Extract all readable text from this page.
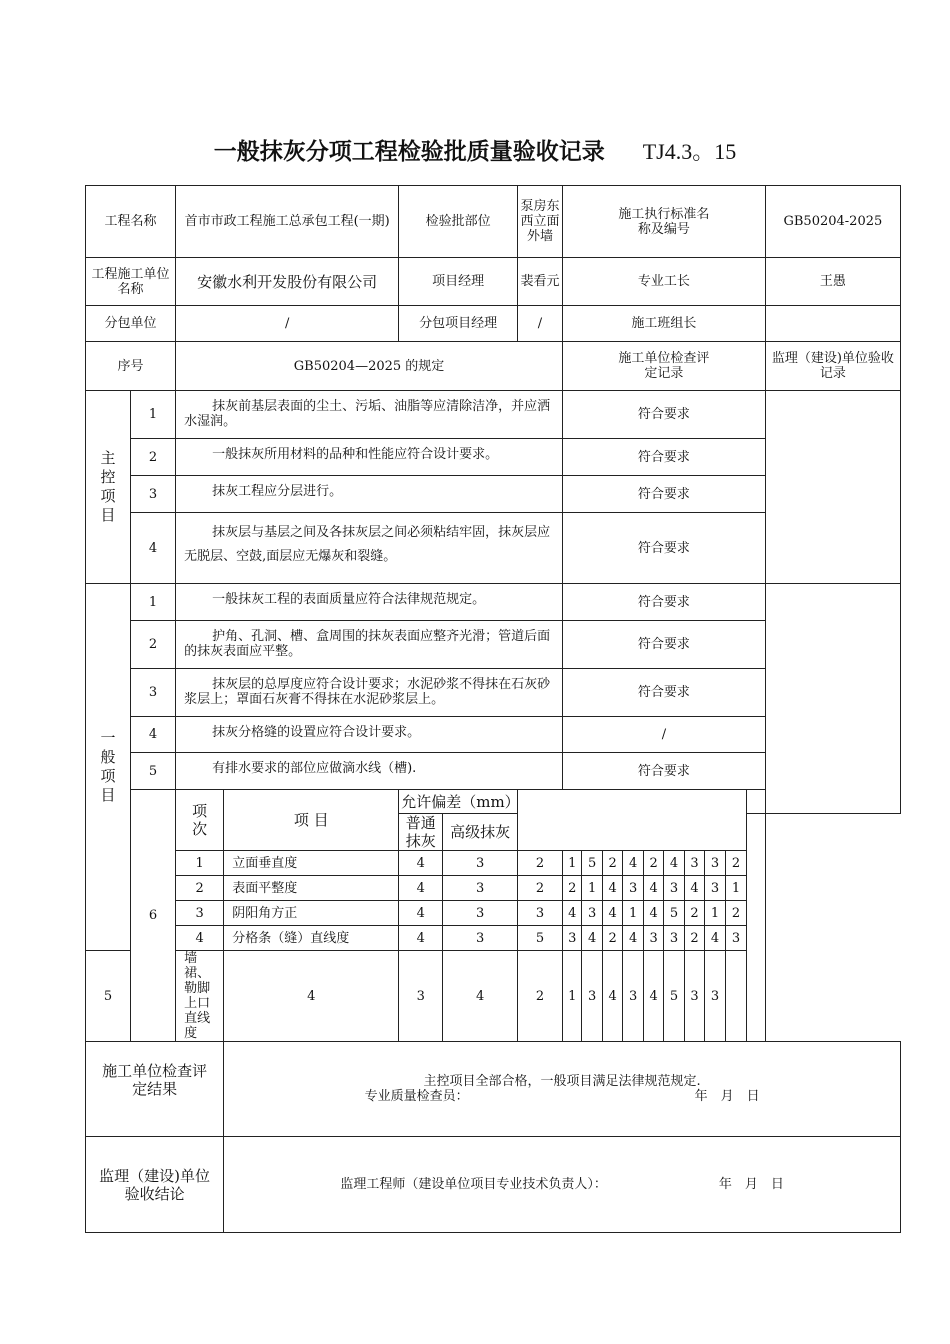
一般抹灰分项工程检验批质量验收记录 TJ4.3。15
工程名称		首市市政工程施工总承包工程(一期)		检验批部位		泵房东西立面外墙	施工执行标准名称及编号										GB50204-2025
工程施工单位名称		安徽水利开发股份有限公司		项目经理		裴看元	专业工长										王愚
分包单位		/		分包项目经理		/	施工班组长										
序号		GB50204—2025 的规定					施工单位检查评定记录										监理（建设)单位验收记录
主控项目	1	抹灰前基层表面的尘土、污垢、油脂等应清除洁净，并应洒水湿润。					符合要求										
	2	一般抹灰所用材料的品种和性能应符合设计要求。					符合要求										
	3	抹灰工程应分层进行。					符合要求										
	4	抹灰层与基层之间及各抹灰层之间必须粘结牢固，抹灰层应无脱层、空鼓,面层应无爆灰和裂缝。					符合要求										
一般项目	1	一般抹灰工程的表面质量应符合法律规范规定。					符合要求										
	2	护角、孔洞、槽、盒周围的抹灰表面应整齐光滑；管道后面的抹灰表面应平整。					符合要求										
	3	抹灰层的总厚度应符合设计要求；水泥砂浆不得抹在石灰砂浆层上；罩面石灰膏不得抹在水泥砂浆层上。					符合要求										
	4	抹灰分格缝的设置应符合设计要求。					/										
	5	有排水要求的部位应做滴水线（槽).					符合要求										
	6	项次	项 目	允许偏差（mm）													
				普通抹灰	高级抹灰												
		1	立面垂直度	4	3	2	1	5	2	4	2	4	3	3	2		
		2	表面平整度	4	3	2	2	1	4	3	4	3	4	3	1		
		3	阴阳角方正	4	3	3	4	3	4	1	4	5	2	1	2		
		4	分格条（缝）直线度	4	3	5	3	4	2	4	3	3	2	4	3		
5		墙裙、勒脚上口直线度	4	3	4	2	1	3	4	3	4	5	3	3			
施工单位检查评定结果			主控项目全部合格，一般项目满足法律规范规定.
专业质量检查员： 年　月　日														

监理（建设)单位验收结论			监理工程师（建设单位项目专业技术负责人）： 年　月　日														
